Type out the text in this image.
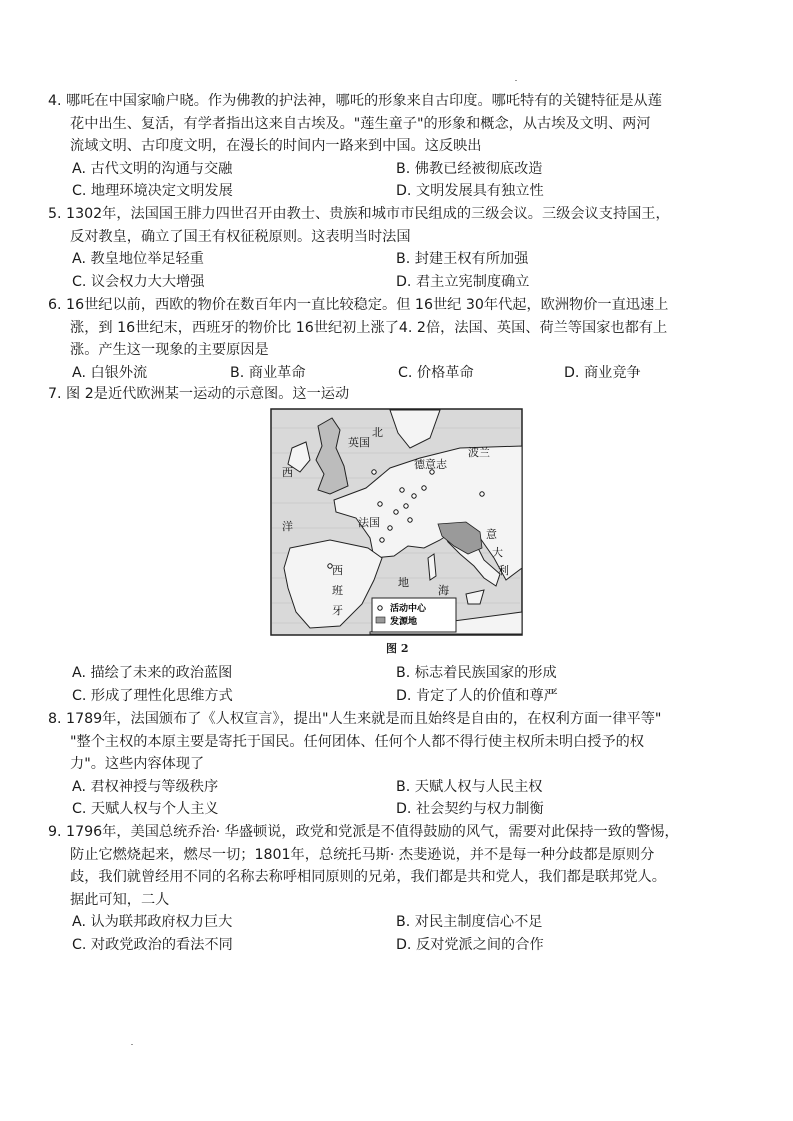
4. 哪吒在中国家喻户晓。作为佛教的护法神，哪吒的形象来自古印度。哪吒特有的关键特征是从莲
花中出生、复活，有学者指出这来自古埃及。"莲生童子"的形象和概念，从古埃及文明、两河
流域文明、古印度文明，在漫长的时间内一路来到中国。这反映出
A. 古代文明的沟通与交融	B. 佛教已经被彻底改造
C. 地理环境决定文明发展	D. 文明发展具有独立性
5. 1302年，法国国王腓力四世召开由教士、贵族和城市市民组成的三级会议。三级会议支持国王，
反对教皇，确立了国王有权征税原则。这表明当时法国
A. 教皇地位举足轻重	B. 封建王权有所加强
C. 议会权力大大增强	D. 君主立宪制度确立
6. 16世纪以前，西欧的物价在数百年内一直比较稳定。但 16世纪 30年代起，欧洲物价一直迅速上
涨，到 16世纪末，西班牙的物价比 16世纪初上涨了4. 2倍，法国、英国、荷兰等国家也都有上
涨。产生这一现象的主要原因是
A. 白银外流	B. 商业革命	C. 价格革命	D. 商业竞争
7. 图 2是近代欧洲某一运动的示意图。这一运动
英国
德意志
波兰
法国
西
班
牙
意
大
利
北
西
洋
地
海
活动中心
发源地
图 2
A. 描绘了未来的政治蓝图	B. 标志着民族国家的形成
C. 形成了理性化思维方式	D. 肯定了人的价值和尊严
8. 1789年，法国颁布了《人权宣言》，提出"人生来就是而且始终是自由的，在权利方面一律平等"
"整个主权的本原主要是寄托于国民。任何团体、任何个人都不得行使主权所未明白授予的权
力"。这些内容体现了
A. 君权神授与等级秩序	B. 天赋人权与人民主权
C. 天赋人权与个人主义	D. 社会契约与权力制衡
9. 1796年，美国总统乔治· 华盛顿说，政党和党派是不值得鼓励的风气，需要对此保持一致的警惕，
防止它燃烧起来，燃尽一切；1801年，总统托马斯· 杰斐逊说，并不是每一种分歧都是原则分
歧，我们就曾经用不同的名称去称呼相同原则的兄弟，我们都是共和党人，我们都是联邦党人。
据此可知，二人
A. 认为联邦政府权力巨大	B. 对民主制度信心不足
C. 对政党政治的看法不同	D. 反对党派之间的合作
